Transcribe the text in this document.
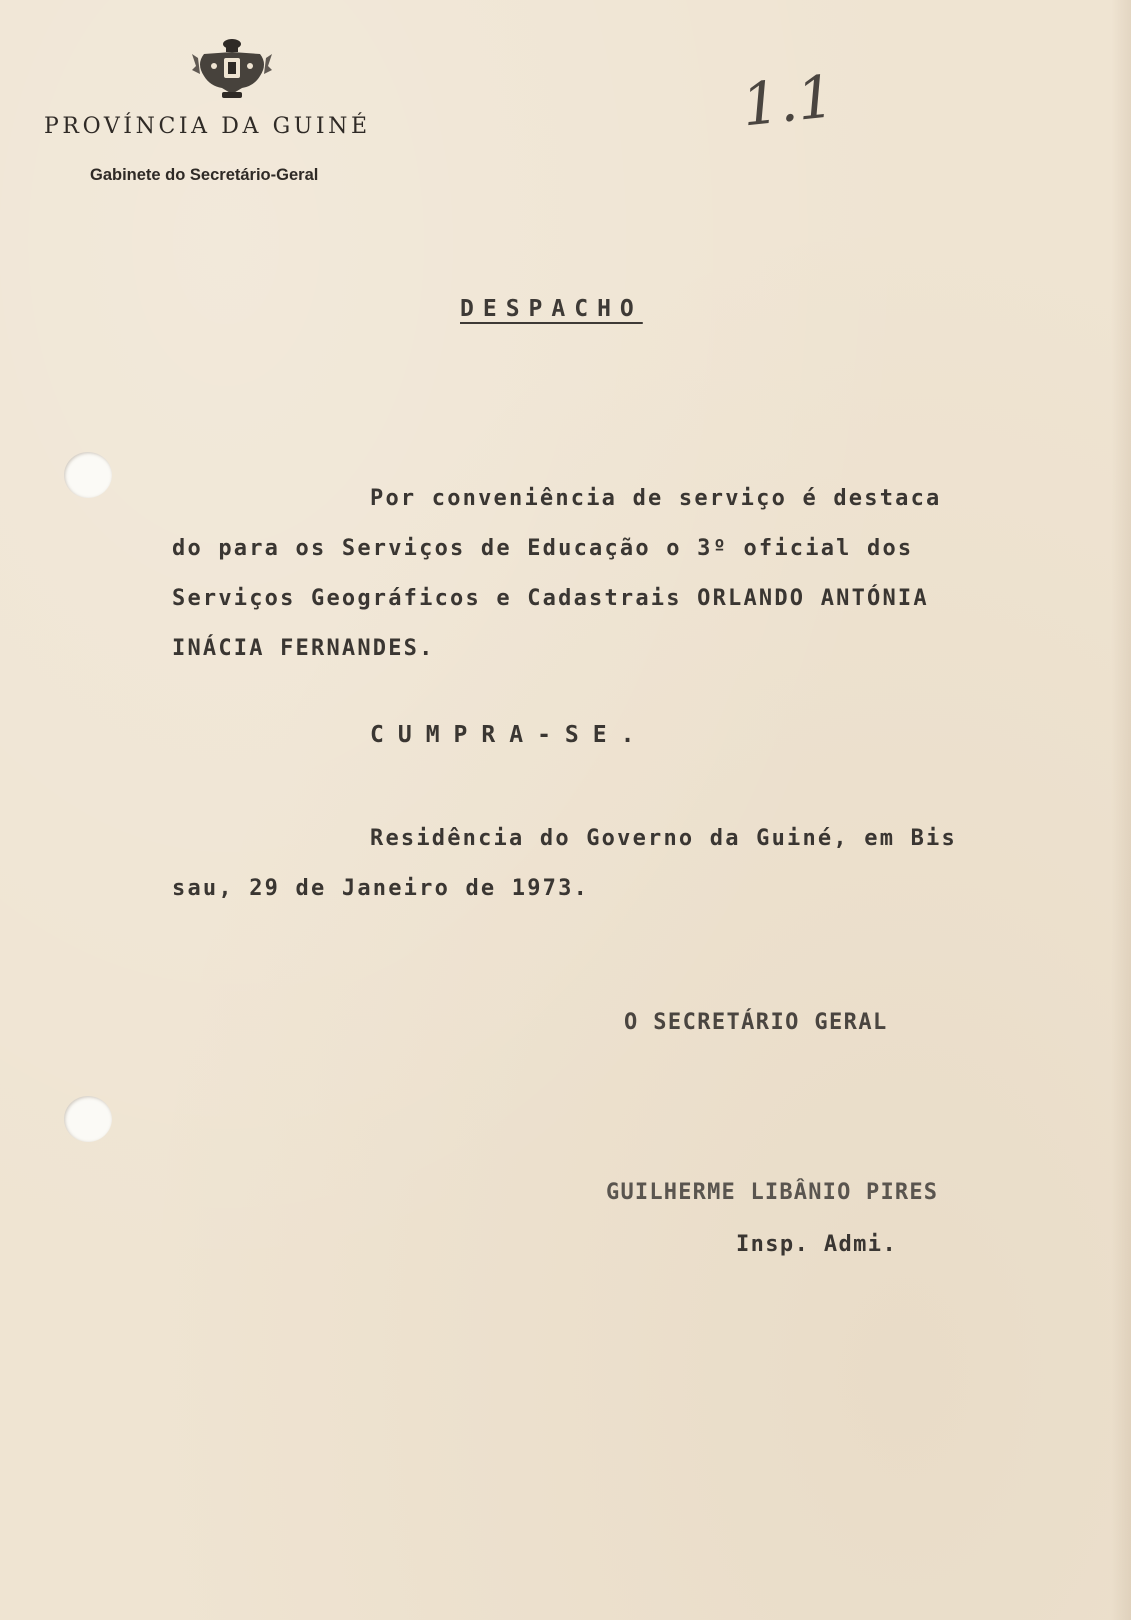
PROVÍNCIA DA GUINÉ
Gabinete do Secretário-Geral
1.1
DESPACHO
Por conveniência de serviço é destaca
do para os Serviços de Educação o 3º oficial dos
Serviços Geográficos e Cadastrais ORLANDO ANTÓNIA
INÁCIA FERNANDES.
CUMPRA-SE.
Residência do Governo da Guiné, em Bis
sau, 29 de Janeiro de 1973.
O SECRETÁRIO GERAL
GUILHERME LIBÂNIO PIRES
Insp. Admi.
